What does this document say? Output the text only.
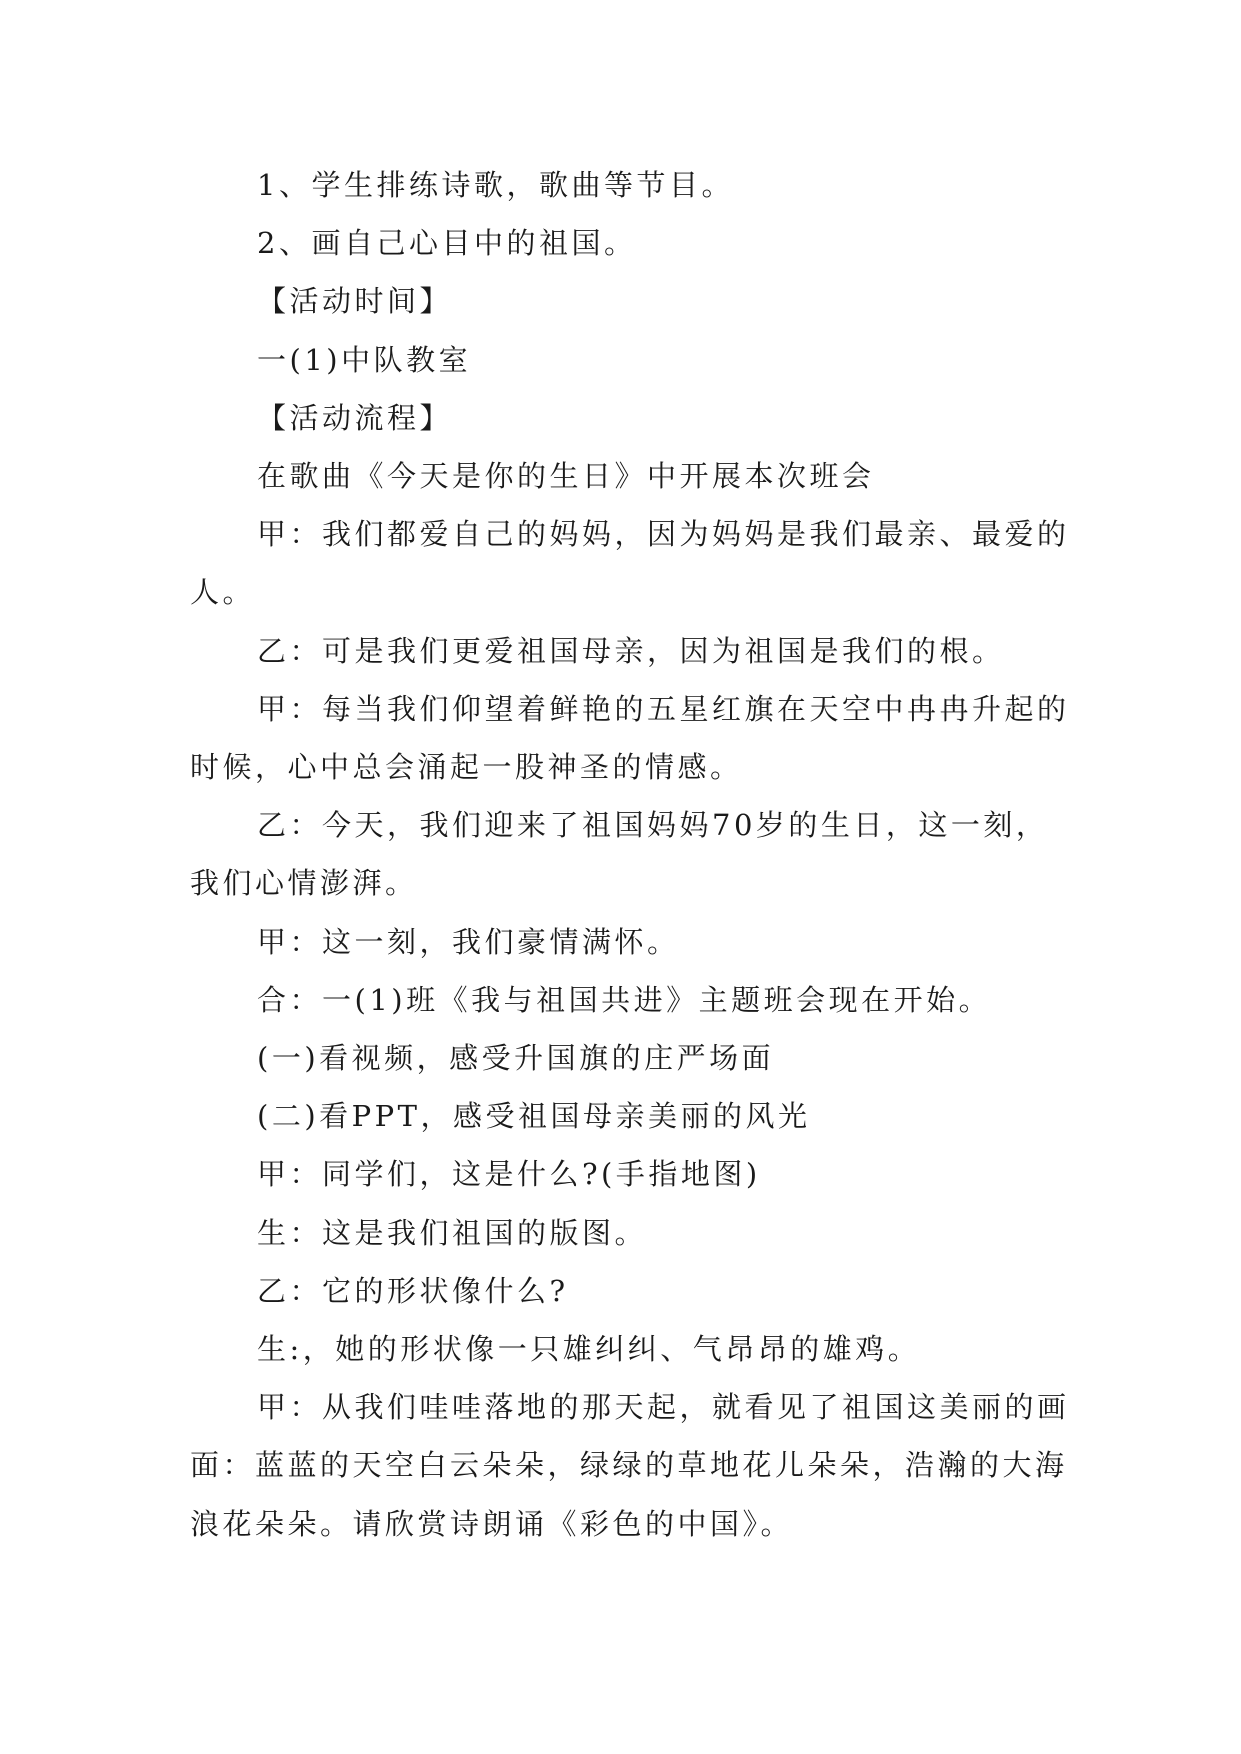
1、学生排练诗歌，歌曲等节目。

2、画自己心目中的祖国。

【活动时间】

一(1)中队教室

【活动流程】

在歌曲《今天是你的生日》中开展本次班会

甲：我们都爱自己的妈妈，因为妈妈是我们最亲、最爱的人。

乙：可是我们更爱祖国母亲，因为祖国是我们的根。

甲：每当我们仰望着鲜艳的五星红旗在天空中冉冉升起的时候，心中总会涌起一股神圣的情感。

乙：今天，我们迎来了祖国妈妈70岁的生日，这一刻，我们心情澎湃。

甲：这一刻，我们豪情满怀。

合：一(1)班《我与祖国共进》主题班会现在开始。

(一)看视频，感受升国旗的庄严场面

(二)看PPT，感受祖国母亲美丽的风光

甲：同学们，这是什么?(手指地图)

生：这是我们祖国的版图。

乙：它的形状像什么?

生:，她的形状像一只雄纠纠、气昂昂的雄鸡。

甲：从我们哇哇落地的那天起，就看见了祖国这美丽的画面：蓝蓝的天空白云朵朵，绿绿的草地花儿朵朵，浩瀚的大海浪花朵朵。请欣赏诗朗诵《彩色的中国》。
